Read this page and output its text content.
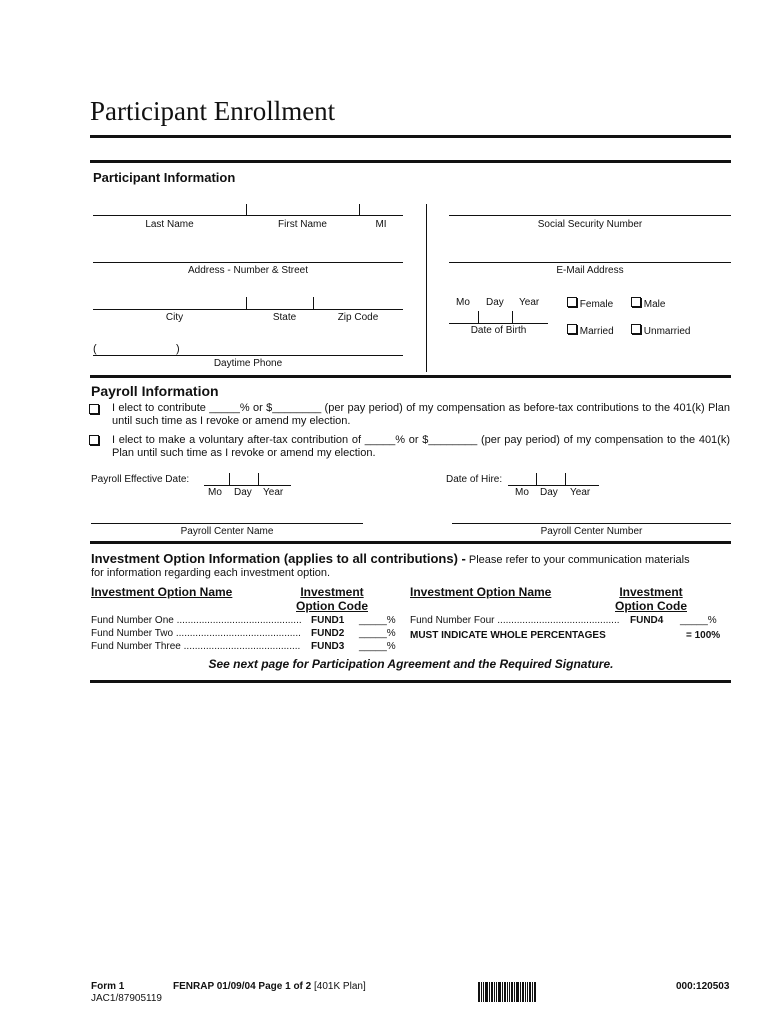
Participant Enrollment
Participant Information
Last Name	First Name	MI	Social Security Number
Address - Number & Street	E-Mail Address
City	State	Zip Code
Mo Day Year
Date of Birth
Female	Male
Married	Unmarried
(	)
Daytime Phone
Payroll Information
I elect to contribute _____% or $________ (per pay period) of my compensation as before-tax contributions to the 401(k) Plan until such time as I revoke or amend my election.
I elect to make a voluntary after-tax contribution of _____% or $________ (per pay period) of my compensation to the 401(k) Plan until such time as I revoke or amend my election.
Payroll Effective Date:
Mo Day Year
Date of Hire:
Mo Day Year
Payroll Center Name	Payroll Center Number
Investment Option Information (applies to all contributions) - Please refer to your communication materials
for information regarding each investment option.
Investment Option Name	Investment
Option Code
Investment Option Name	Investment
Option Code
Fund Number One ............................................. FUND1 _____%
Fund Number Two .............................................	FUND2 _____%
Fund Number Three ..........................................	FUND3 _____%
Fund Number Four ............................................	FUND4 _____%
MUST INDICATE WHOLE PERCENTAGES	= 100%
See next page for Participation Agreement and the Required Signature.
Form 1	FENRAP 01/09/04 Page 1 of 2 [401K Plan]
JAC1/87905119
000:120503
